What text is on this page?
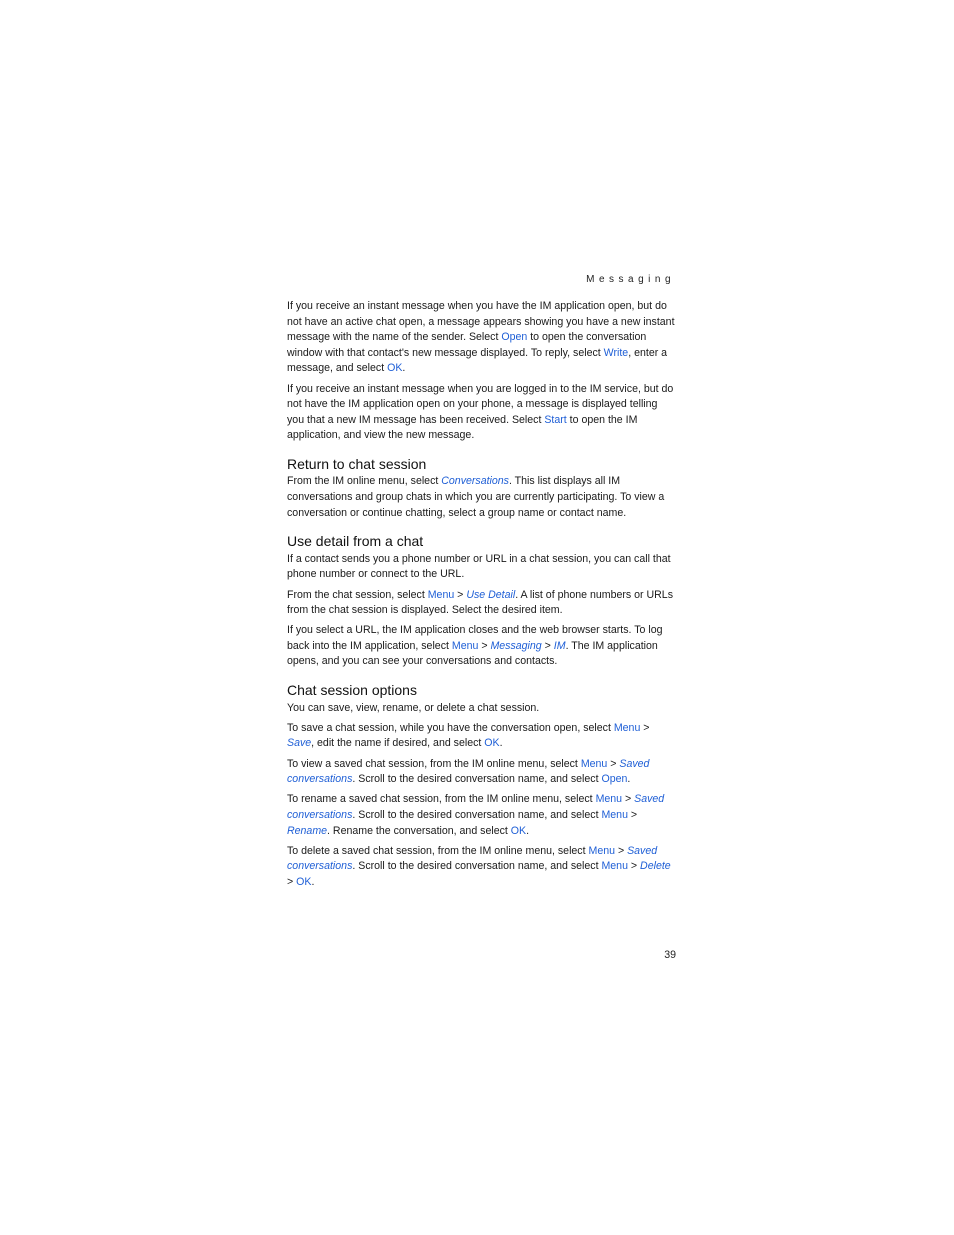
Messaging

If you receive an instant message when you have the IM application open, but do not have an active chat open, a message appears showing you have a new instant message with the name of the sender. Select Open to open the conversation window with that contact's new message displayed. To reply, select Write, enter a message, and select OK.

If you receive an instant message when you are logged in to the IM service, but do not have the IM application open on your phone, a message is displayed telling you that a new IM message has been received. Select Start to open the IM application, and view the new message.

Return to chat session

From the IM online menu, select Conversations. This list displays all IM conversations and group chats in which you are currently participating. To view a conversation or continue chatting, select a group name or contact name.

Use detail from a chat

If a contact sends you a phone number or URL in a chat session, you can call that phone number or connect to the URL.

From the chat session, select Menu > Use Detail. A list of phone numbers or URLs from the chat session is displayed. Select the desired item.

If you select a URL, the IM application closes and the web browser starts. To log back into the IM application, select Menu > Messaging > IM. The IM application opens, and you can see your conversations and contacts.

Chat session options

You can save, view, rename, or delete a chat session.

To save a chat session, while you have the conversation open, select Menu > Save, edit the name if desired, and select OK.

To view a saved chat session, from the IM online menu, select Menu > Saved conversations. Scroll to the desired conversation name, and select Open.

To rename a saved chat session, from the IM online menu, select Menu > Saved conversations. Scroll to the desired conversation name, and select Menu > Rename. Rename the conversation, and select OK.

To delete a saved chat session, from the IM online menu, select Menu > Saved conversations. Scroll to the desired conversation name, and select Menu > Delete > OK.

39
